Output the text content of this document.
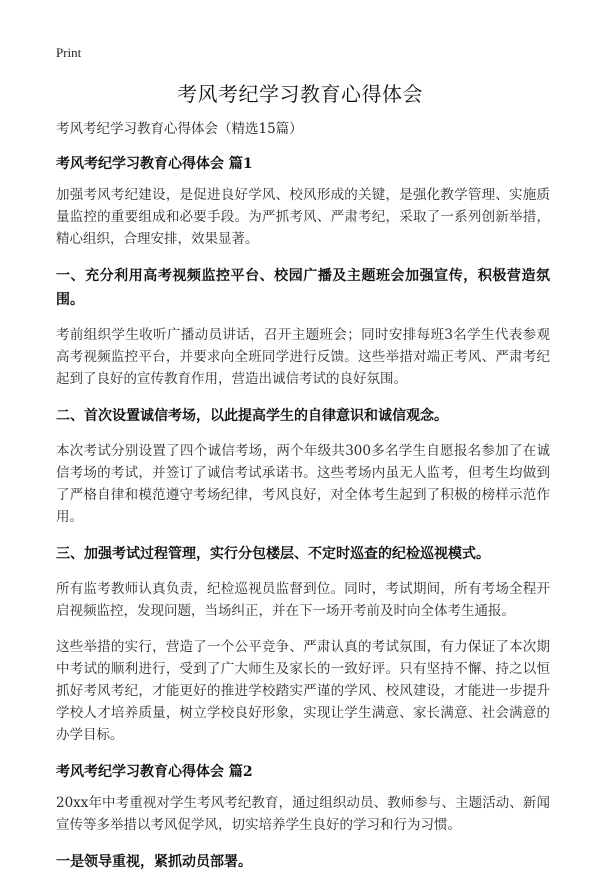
Print
考风考纪学习教育心得体会

考风考纪学习教育心得体会（精选15篇）

考风考纪学习教育心得体会 篇1

加强考风考纪建设，是促进良好学风、校风形成的关键，是强化教学管理、实施质量监控的重要组成和必要手段。为严抓考风、严肃考纪，采取了一系列创新举措，精心组织，合理安排，效果显著。

一、充分利用高考视频监控平台、校园广播及主题班会加强宣传，积极营造氛围。

考前组织学生收听广播动员讲话，召开主题班会；同时安排每班3名学生代表参观高考视频监控平台，并要求向全班同学进行反馈。这些举措对端正考风、严肃考纪起到了良好的宣传教育作用，营造出诚信考试的良好氛围。

二、首次设置诚信考场，以此提高学生的自律意识和诚信观念。

本次考试分别设置了四个诚信考场，两个年级共300多名学生自愿报名参加了在诚信考场的考试，并签订了诚信考试承诺书。这些考场内虽无人监考，但考生均做到了严格自律和模范遵守考场纪律，考风良好，对全体考生起到了积极的榜样示范作用。

三、加强考试过程管理，实行分包楼层、不定时巡查的纪检巡视模式。

所有监考教师认真负责，纪检巡视员监督到位。同时，考试期间，所有考场全程开启视频监控，发现问题，当场纠正，并在下一场开考前及时向全体考生通报。

这些举措的实行，营造了一个公平竞争、严肃认真的考试氛围，有力保证了本次期中考试的顺利进行，受到了广大师生及家长的一致好评。只有坚持不懈、持之以恒抓好考风考纪，才能更好的推进学校踏实严谨的学风、校风建设，才能进一步提升学校人才培养质量，树立学校良好形象，实现让学生满意、家长满意、社会满意的办学目标。

考风考纪学习教育心得体会 篇2

20xx年中考重视对学生考风考纪教育，通过组织动员、教师参与、主题活动、新闻宣传等多举措以考风促学风，切实培养学生良好的学习和行为习惯。

一是领导重视，紧抓动员部署。
